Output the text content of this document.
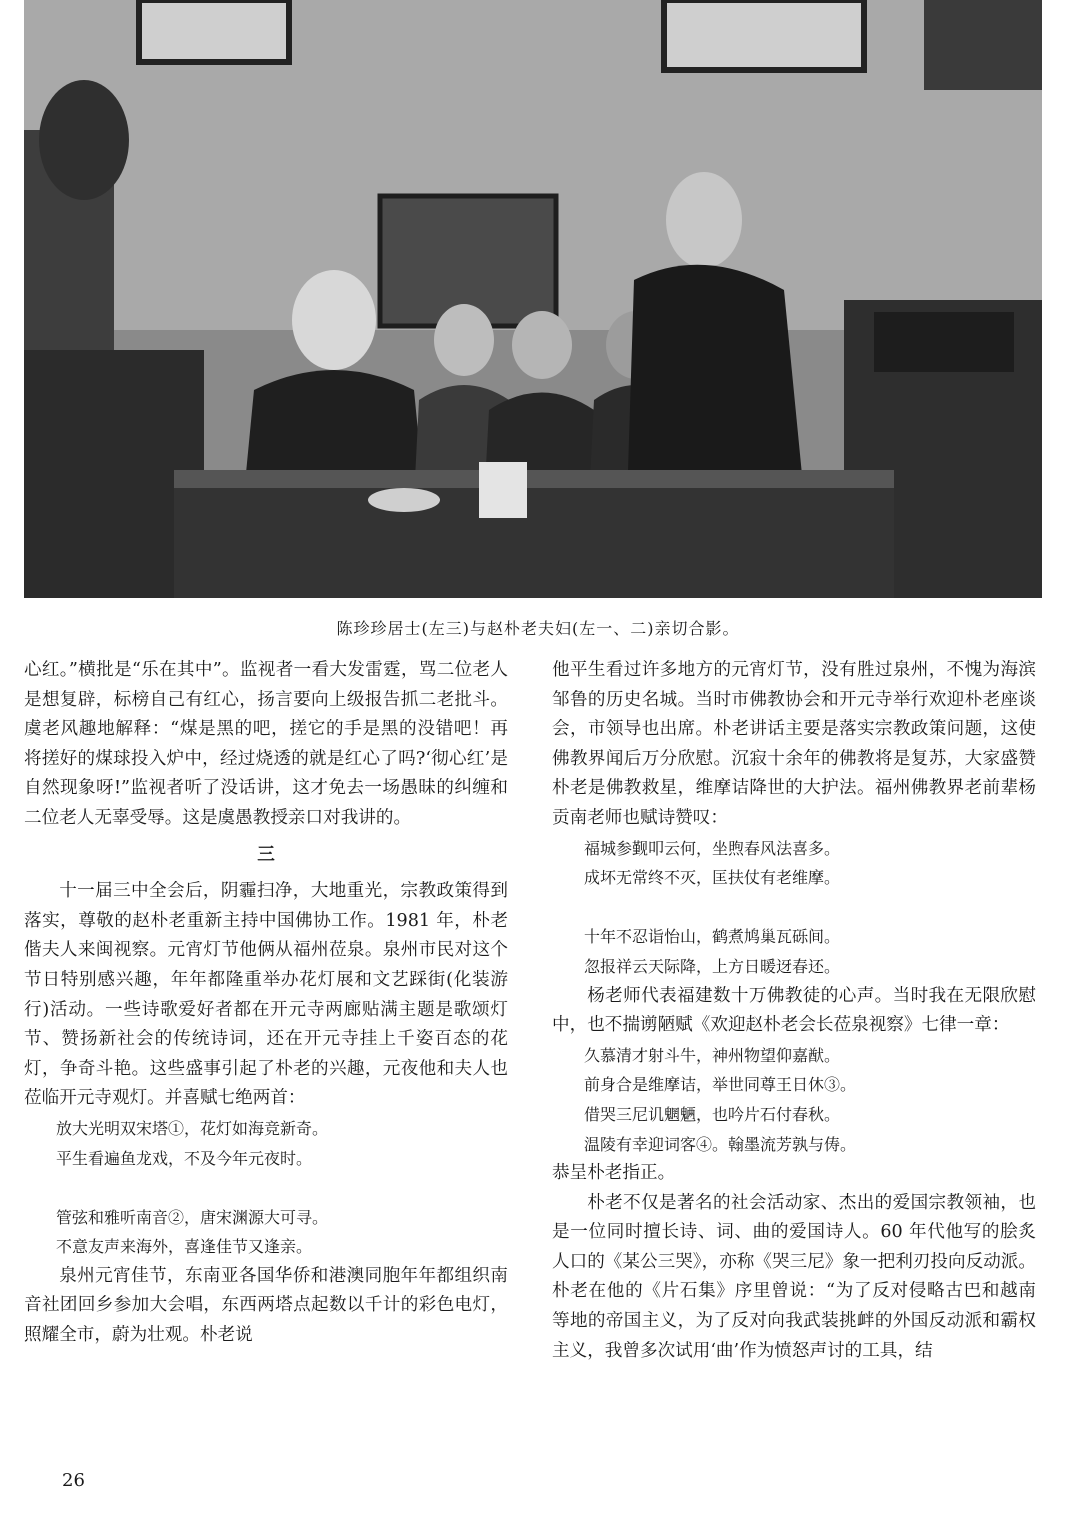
陈珍珍居士(左三)与赵朴老夫妇(左一、二)亲切合影。

心红。”横批是“乐在其中”。监视者一看大发雷霆，骂二位老人是想复辟，标榜自己有红心，扬言要向上级报告抓二老批斗。虞老风趣地解释：“煤是黑的吧，搓它的手是黑的没错吧！再将搓好的煤球投入炉中，经过烧透的就是红心了吗?‘彻心红’是自然现象呀!”监视者听了没话讲，这才免去一场愚昧的纠缠和二位老人无辜受辱。这是虞愚教授亲口对我讲的。

三

十一届三中全会后，阴霾扫净，大地重光，宗教政策得到落实，尊敬的赵朴老重新主持中国佛协工作。1981 年，朴老偕夫人来闽视察。元宵灯节他俩从福州莅泉。泉州市民对这个节日特别感兴趣，年年都隆重举办花灯展和文艺踩街(化装游行)活动。一些诗歌爱好者都在开元寺两廊贴满主题是歌颂灯节、赞扬新社会的传统诗词，还在开元寺挂上千姿百态的花灯，争奇斗艳。这些盛事引起了朴老的兴趣，元夜他和夫人也莅临开元寺观灯。并喜赋七绝两首：

放大光明双宋塔①，花灯如海竞新奇。

平生看遍鱼龙戏，不及今年元夜时。

管弦和雅听南音②，唐宋渊源大可寻。

不意友声来海外，喜逢佳节又逢亲。

泉州元宵佳节，东南亚各国华侨和港澳同胞年年都组织南音社团回乡参加大会唱，东西两塔点起数以千计的彩色电灯，照耀全市，蔚为壮观。朴老说

他平生看过许多地方的元宵灯节，没有胜过泉州，不愧为海滨邹鲁的历史名城。当时市佛教协会和开元寺举行欢迎朴老座谈会，市领导也出席。朴老讲话主要是落实宗教政策问题，这使佛教界闻后万分欣慰。沉寂十余年的佛教将是复苏，大家盛赞朴老是佛教救星，维摩诘降世的大护法。福州佛教界老前辈杨贡南老师也赋诗赞叹：

福城参觐叩云何，坐煦春风法喜多。

成坏无常终不灭，匡扶仗有老维摩。

十年不忍诣怡山，鹤煮鸠巢瓦砾间。

忽报祥云天际降，上方日暖迓春还。

杨老师代表福建数十万佛教徒的心声。当时我在无限欣慰中，也不揣谫陋赋《欢迎赵朴老会长莅泉视察》七律一章：

久慕清才射斗牛，神州物望仰嘉猷。

前身合是维摩诘，举世同尊王日休③。

借哭三尼讥魍魉，也吟片石付春秋。

温陵有幸迎词客④。翰墨流芳孰与俦。

恭呈朴老指正。

朴老不仅是著名的社会活动家、杰出的爱国宗教领袖，也是一位同时擅长诗、词、曲的爱国诗人。60 年代他写的脍炙人口的《某公三哭》，亦称《哭三尼》象一把利刃投向反动派。朴老在他的《片石集》序里曾说：“为了反对侵略古巴和越南等地的帝国主义，为了反对向我武装挑衅的外国反动派和霸权主义，我曾多次试用‘曲’作为愤怒声讨的工具，结

26
